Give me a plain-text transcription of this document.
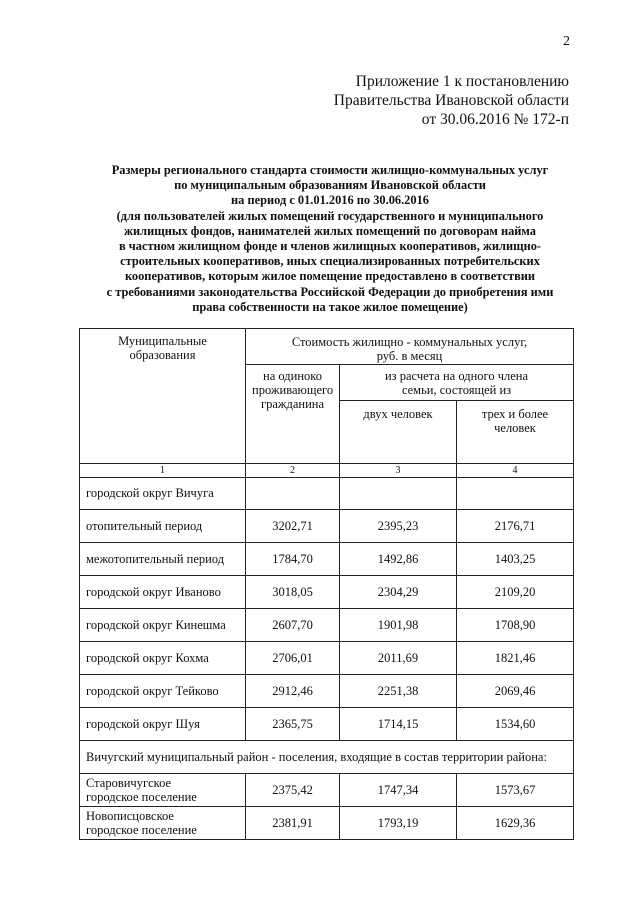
2
Приложение 1 к постановлению
Правительства Ивановской области
от 30.06.2016 № 172-п
Размеры регионального стандарта стоимости жилищно-коммунальных услуг
по муниципальным образованиям Ивановской области
на период с 01.01.2016 по 30.06.2016
(для пользователей жилых помещений государственного и муниципального
жилищных фондов, нанимателей жилых помещений по договорам найма
в частном жилищном фонде и членов жилищных кооперативов, жилищно-
строительных кооперативов, иных специализированных потребительских
кооперативов, которым жилое помещение предоставлено в соответствии
с требованиями законодательства Российской Федерации до приобретения ими
права собственности на такое жилое помещение)
Муниципальные образования	Стоимость жилищно - коммунальных услуг, руб. в месяц		
	на одиноко проживающего гражданина	из расчета на одного члена семьи, состоящей из	
		двух человек	трех и более человек
1	2	3	4
городской округ Вичуга			
отопительный период	3202,71	2395,23	2176,71
межотопительный период	1784,70	1492,86	1403,25
городской округ Иваново	3018,05	2304,29	2109,20
городской округ Кинешма	2607,70	1901,98	1708,90
городской округ Кохма	2706,01	2011,69	1821,46
городской округ Тейково	2912,46	2251,38	2069,46
городской округ Шуя	2365,75	1714,15	1534,60
Вичугский муниципальный район - поселения, входящие в состав территории района:			

Старовичугское
городское поселение	2375,42	1747,34	1573,67

Новописцовское
городское поселение	2381,91	1793,19	1629,36
